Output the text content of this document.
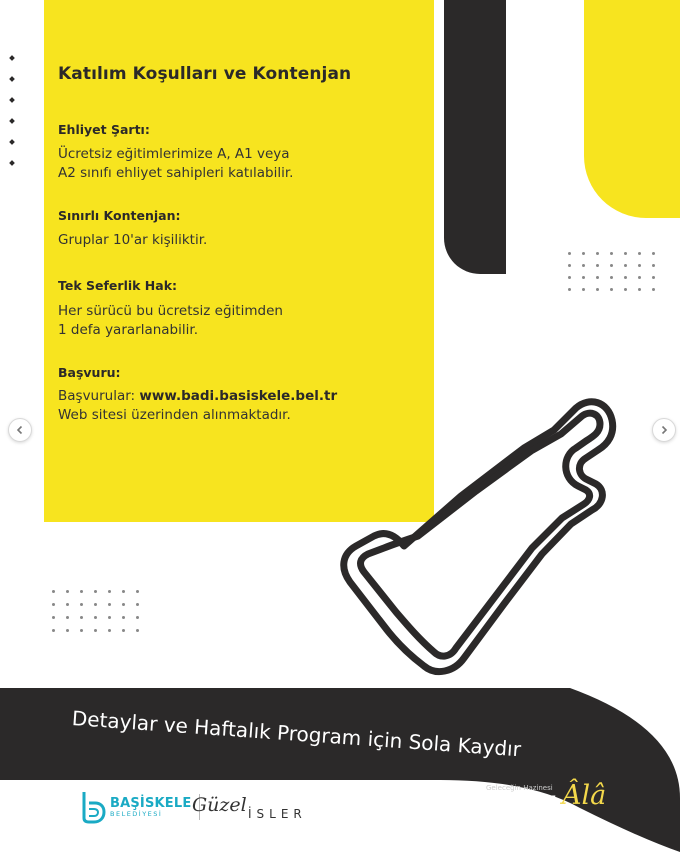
Katılım Koşulları ve Kontenjan
Ehliyet Şartı:
Ücretsiz eğitimlerimize A, A1 veya
A2 sınıfı ehliyet sahipleri katılabilir.
Sınırlı Kontenjan:
Gruplar 10'ar kişiliktir.
Tek Seferlik Hak:
Her sürücü bu ücretsiz eğitimden
1 defa yararlanabilir.
Başvuru:
Başvurular: www.badi.basiskele.bel.tr
Web sitesi üzerinden alınmaktadır.
Detaylar ve Haftalık Program için Sola Kaydır
BAŞİSKELE
BELEDİYESİ	Güzel İSLER
Geleceğin Hazinesi
genç-i Âlâ
BAŞİSKELE
